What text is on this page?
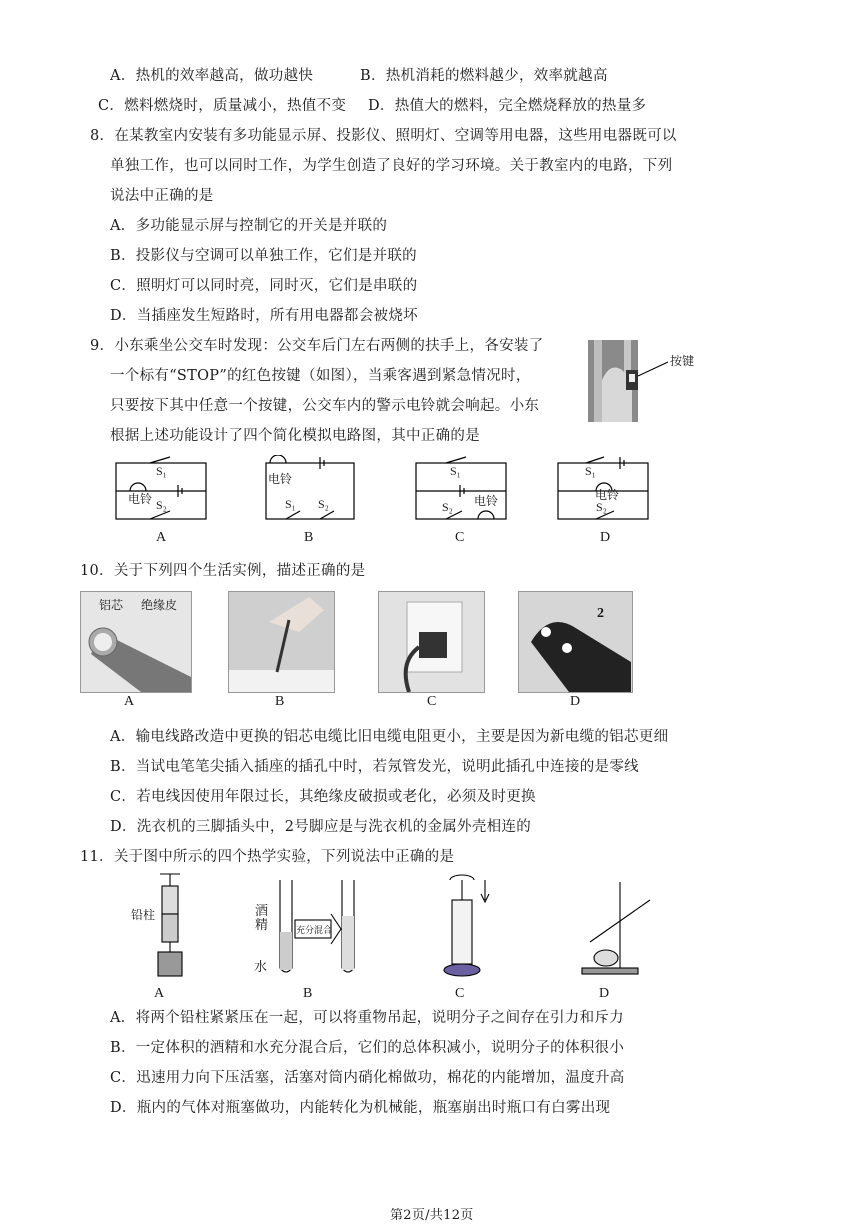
A．热机的效率越高，做功越快	B．热机消耗的燃料越少，效率就越高
C．燃料燃烧时，质量减小，热值不变 D．热值大的燃料，完全燃烧释放的热量多
8．在某教室内安装有多功能显示屏、投影仪、照明灯、空调等用电器，这些用电器既可以
单独工作，也可以同时工作，为学生创造了良好的学习环境。关于教室内的电路，下列
说法中正确的是
A．多功能显示屏与控制它的开关是并联的
B．投影仪与空调可以单独工作，它们是并联的
C．照明灯可以同时亮，同时灭，它们是串联的
D．当插座发生短路时，所有用电器都会被烧坏
9．小东乘坐公交车时发现：公交车后门左右两侧的扶手上，各安装了
一个标有“STOP”的红色按键（如图），当乘客遇到紧急情况时，
只要按下其中任意一个按键，公交车内的警示电铃就会响起。小东
根据上述功能设计了四个简化模拟电路图，其中正确的是
按键
S₁
电铃 S₂
电铃
S₁ S₂
S₁
电铃
S₂
S₁
电铃
S₂
A	B	C	D
10．关于下列四个生活实例，描述正确的是
铝芯 绝缘皮
2
A	B	C	D
A．输电线路改造中更换的铝芯电缆比旧电缆电阻更小，主要是因为新电缆的铝芯更细
B．当试电笔笔尖插入插座的插孔中时，若氖管发光，说明此插孔中连接的是零线
C．若电线因使用年限过长，其绝缘皮破损或老化，必须及时更换
D．洗衣机的三脚插头中，2号脚应是与洗衣机的金属外壳相连的
11．关于图中所示的四个热学实验，下列说法中正确的是
铅柱	酒精
水
充分混合
A	B	C	D
A．将两个铅柱紧紧压在一起，可以将重物吊起，说明分子之间存在引力和斥力
B．一定体积的酒精和水充分混合后，它们的总体积减小，说明分子的体积很小
C．迅速用力向下压活塞，活塞对筒内硝化棉做功，棉花的内能增加，温度升高
D．瓶内的气体对瓶塞做功，内能转化为机械能，瓶塞崩出时瓶口有白雾出现
第2页/共12页
